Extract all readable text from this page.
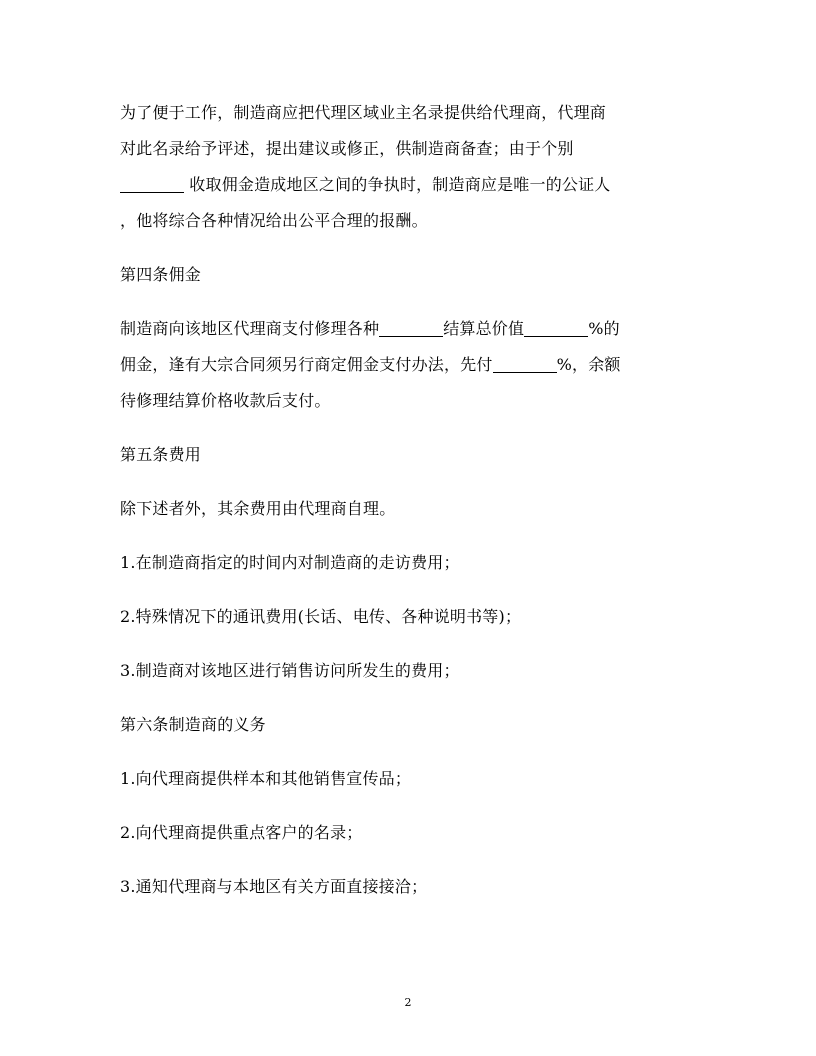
为了便于工作，制造商应把代理区域业主名录提供给代理商，代理商
对此名录给予评述，提出建议或修正，供制造商备查；由于个别
收取佣金造成地区之间的争执时，制造商应是唯一的公证人
，他将综合各种情况给出公平合理的报酬。

第四条佣金

制造商向该地区代理商支付修理各种	结算总价值	%的
佣金，逢有大宗合同须另行商定佣金支付办法，先付	%，余额
待修理结算价格收款后支付。

第五条费用

除下述者外，其余费用由代理商自理。

1.在制造商指定的时间内对制造商的走访费用；

2.特殊情况下的通讯费用(长话、电传、各种说明书等)；

3.制造商对该地区进行销售访问所发生的费用；

第六条制造商的义务

1.向代理商提供样本和其他销售宣传品；

2.向代理商提供重点客户的名录；

3.通知代理商与本地区有关方面直接接洽；

2
